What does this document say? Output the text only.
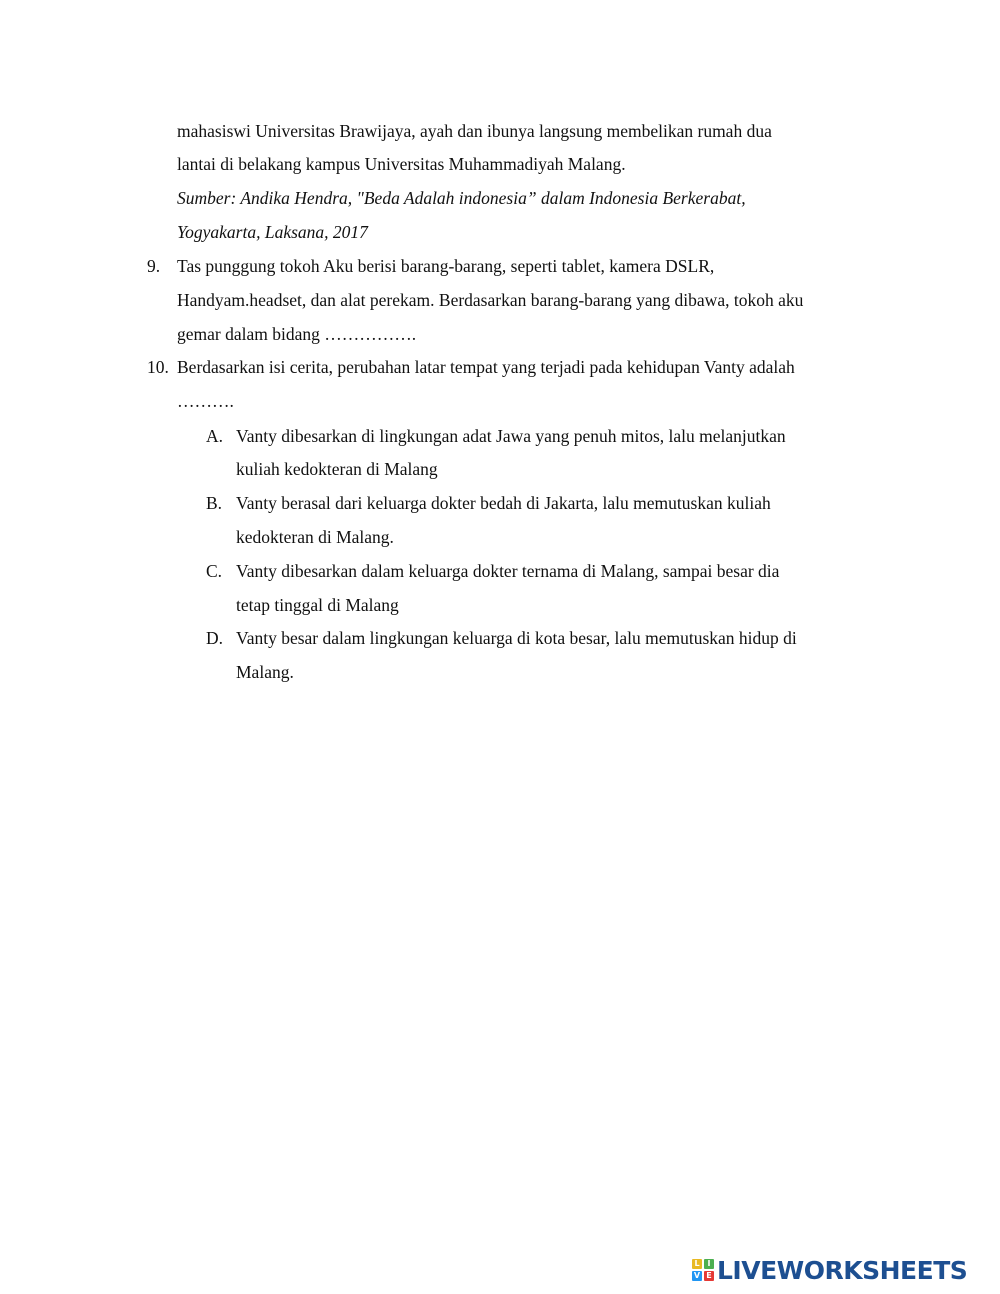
mahasiswi Universitas Brawijaya, ayah dan ibunya langsung membelikan rumah dua
lantai di belakang kampus Universitas Muhammadiyah Malang.
Sumber: Andika Hendra, "Beda Adalah indonesia” dalam Indonesia Berkerabat,
Yogyakarta, Laksana, 2017
9. Tas punggung tokoh Aku berisi barang-barang, seperti tablet, kamera DSLR,
Handyam.headset, dan alat perekam. Berdasarkan barang-barang yang dibawa, tokoh aku
gemar dalam bidang …………….
10. Berdasarkan isi cerita, perubahan latar tempat yang terjadi pada kehidupan Vanty adalah
……….
A. Vanty dibesarkan di lingkungan adat Jawa yang penuh mitos, lalu melanjutkan
kuliah kedokteran di Malang
B. Vanty berasal dari keluarga dokter bedah di Jakarta, lalu memutuskan kuliah
kedokteran di Malang.
C. Vanty dibesarkan dalam keluarga dokter ternama di Malang, sampai besar dia
tetap tinggal di Malang
D. Vanty besar dalam lingkungan keluarga di kota besar, lalu memutuskan hidup di
Malang.
L I
V E LIVEWORKSHEETS
